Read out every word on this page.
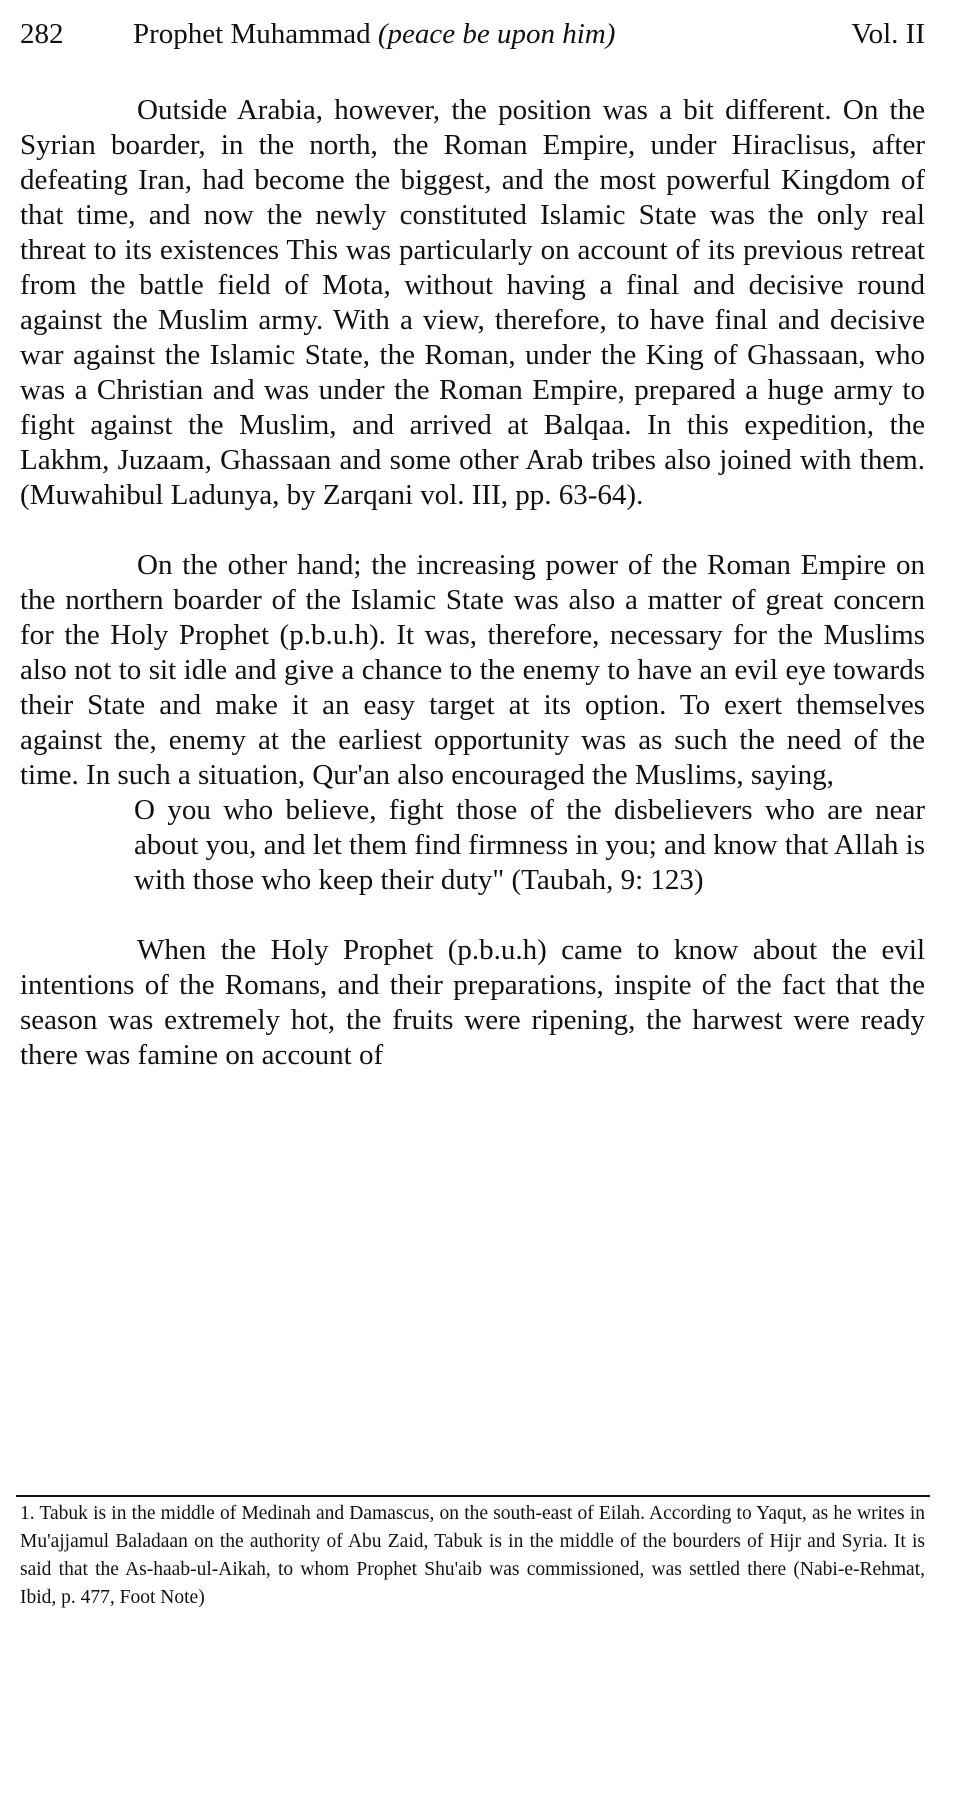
282 Prophet Muhammad (peace be upon him)	Vol. II

Outside Arabia, however, the position was a bit different. On the Syrian boarder, in the north, the Roman Empire, under Hiraclisus, after defeating Iran, had become the biggest, and the most powerful Kingdom of that time, and now the newly constituted Islamic State was the only real threat to its existences This was particularly on account of its previous retreat from the battle field of Mota, without having a final and decisive round against the Muslim army. With a view, therefore, to have final and decisive war against the Islamic State, the Roman, under the King of Ghassaan, who was a Christian and was under the Roman Empire, prepared a huge army to fight against the Muslim, and arrived at Balqaa. In this expedition, the Lakhm, Juzaam, Ghassaan and some other Arab tribes also joined with them. (Muwahibul Ladunya, by Zarqani vol. III, pp. 63-64).

On the other hand; the increasing power of the Roman Empire on the northern boarder of the Islamic State was also a matter of great concern for the Holy Prophet (p.b.u.h). It was, therefore, necessary for the Muslims also not to sit idle and give a chance to the enemy to have an evil eye towards their State and make it an easy target at its option. To exert themselves against the, enemy at the earliest opportunity was as such the need of the time. In such a situation, Qur'an also encouraged the Muslims, saying,

O you who believe, fight those of the disbelievers who are near about you, and let them find firmness in you; and know that Allah is with those who keep their duty" (Taubah, 9: 123)

When the Holy Prophet (p.b.u.h) came to know about the evil intentions of the Romans, and their preparations, inspite of the fact that the season was extremely hot, the fruits were ripening, the harwest were ready there was famine on account of

1. Tabuk is in the middle of Medinah and Damascus, on the south-east of Eilah. According to Yaqut, as he writes in Mu'ajjamul Baladaan on the authority of Abu Zaid, Tabuk is in the middle of the bourders of Hijr and Syria. It is said that the As-haab-ul-Aikah, to whom Prophet Shu'aib was commissioned, was settled there (Nabi-e-Rehmat, Ibid, p. 477, Foot Note)
